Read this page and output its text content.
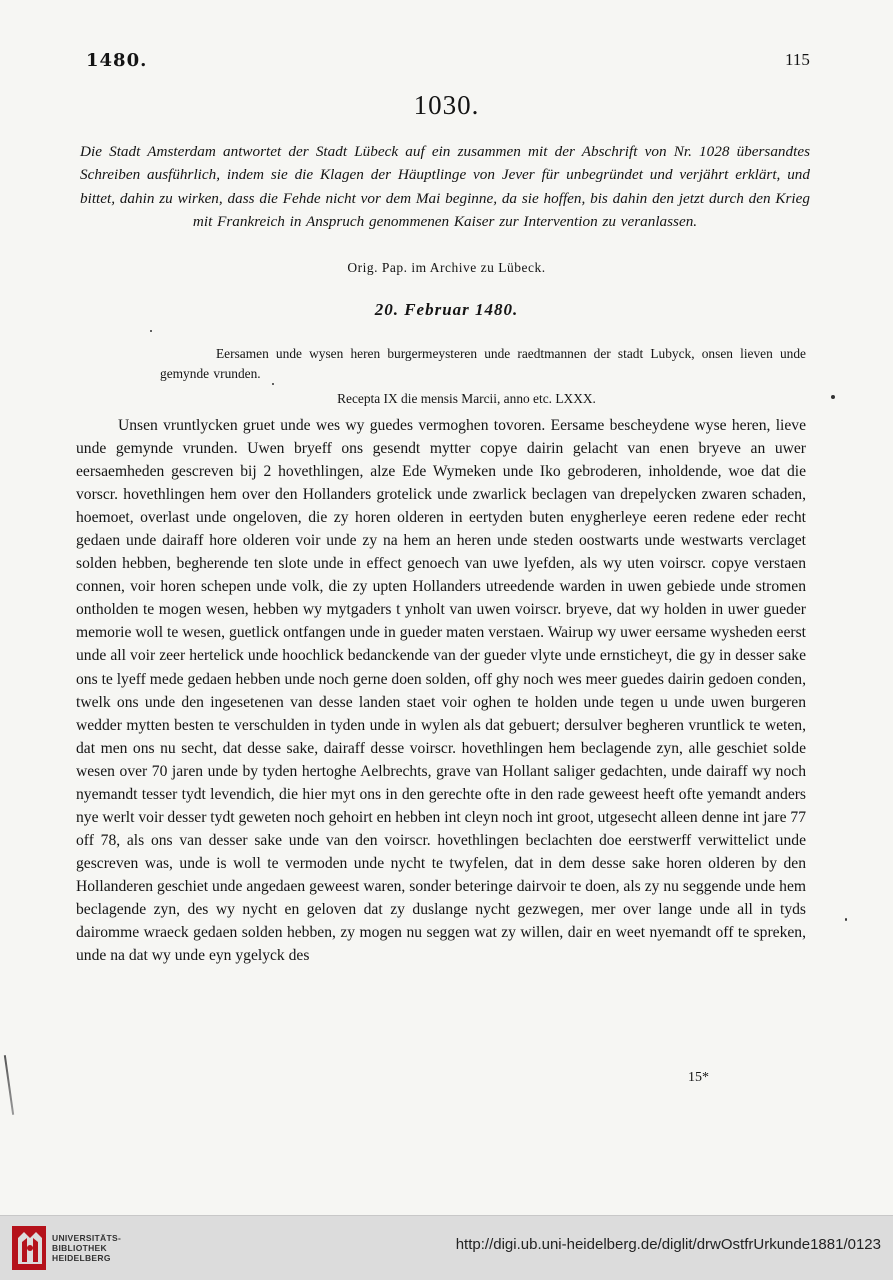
1480.	115
1030.
Die Stadt Amsterdam antwortet der Stadt Lübeck auf ein zusammen mit der Abschrift von Nr. 1028 übersandtes Schreiben ausführlich, indem sie die Klagen der Häuptlinge von Jever für unbegründet und verjährt erklärt, und bittet, dahin zu wirken, dass die Fehde nicht vor dem Mai beginne, da sie hoffen, bis dahin den jetzt durch den Krieg mit Frankreich in Anspruch genommenen Kaiser zur Intervention zu veranlassen.
Orig. Pap. im Archive zu Lübeck.
20. Februar 1480.
Eersamen unde wysen heren burgermeysteren unde raedtmannen der stadt Lubyck, onsen lieven unde gemynde vrunden.
Recepta IX die mensis Marcii, anno etc. LXXX.
Unsen vruntlycken gruet unde wes wy guedes vermoghen tovoren. Eersame bescheydene wyse heren, lieve unde gemynde vrunden. Uwen bryeff ons gesendt mytter copye dairin gelacht van enen bryeve an uwer eersaemheden gescreven bij 2 hovethlingen, alze Ede Wymeken unde Iko gebroderen, inholdende, woe dat die vorscr. hovethlingen hem over den Hollanders grotelick unde zwarlick beclagen van drepelycken zwaren schaden, hoemoet, overlast unde ongeloven, die zy horen olderen in eertyden buten enygherleye eeren redene eder recht gedaen unde dairaff hore olderen voir unde zy na hem an heren unde steden oostwarts unde westwarts verclaget solden hebben, begherende ten slote unde in effect genoech van uwe lyefden, als wy uten voirscr. copye verstaen connen, voir horen schepen unde volk, die zy upten Hollanders utreedende warden in uwen gebiede unde stromen ontholden te mogen wesen, hebben wy mytgaders t ynholt van uwen voirscr. bryeve, dat wy holden in uwer gueder memorie woll te wesen, guetlick ontfangen unde in gueder maten verstaen. Wairup wy uwer eersame wysheden eerst unde all voir zeer hertelick unde hoochlick bedanckende van der gueder vlyte unde ernsticheyt, die gy in desser sake ons te lyeff mede gedaen hebben unde noch gerne doen solden, off ghy noch wes meer guedes dairin gedoen conden, twelk ons unde den ingesetenen van desse landen staet voir oghen te holden unde tegen u unde uwen burgeren wedder mytten besten te verschulden in tyden unde in wylen als dat gebuert; dersulver begheren vruntlick te weten, dat men ons nu secht, dat desse sake, dairaff desse voirscr. hovethlingen hem beclagende zyn, alle geschiet solde wesen over 70 jaren unde by tyden hertoghe Aelbrechts, grave van Hollant saliger gedachten, unde dairaff wy noch nyemandt tesser tydt levendich, die hier myt ons in den gerechte ofte in den rade geweest heeft ofte yemandt anders nye werlt voir desser tydt geweten noch gehoirt en hebben int cleyn noch int groot, utgesecht alleen denne int jare 77 off 78, als ons van desser sake unde van den voirscr. hovethlingen beclachten doe eerstwerff verwittelict unde gescreven was, unde is woll te vermoden unde nycht te twyfelen, dat in dem desse sake horen olderen by den Hollanderen geschiet unde angedaen geweest waren, sonder beteringe dairvoir te doen, als zy nu seggende unde hem beclagende zyn, des wy nycht en geloven dat zy duslange nycht gezwegen, mer over lange unde all in tyds dairomme wraeck gedaen solden hebben, zy mogen nu seggen wat zy willen, dair en weet nyemandt off te spreken, unde na dat wy unde eyn ygelyck des
15*
UNIVERSITÄTS-
BIBLIOTHEK
HEIDELBERG
http://digi.ub.uni-heidelberg.de/diglit/drwOstfrUrkunde1881/0123
